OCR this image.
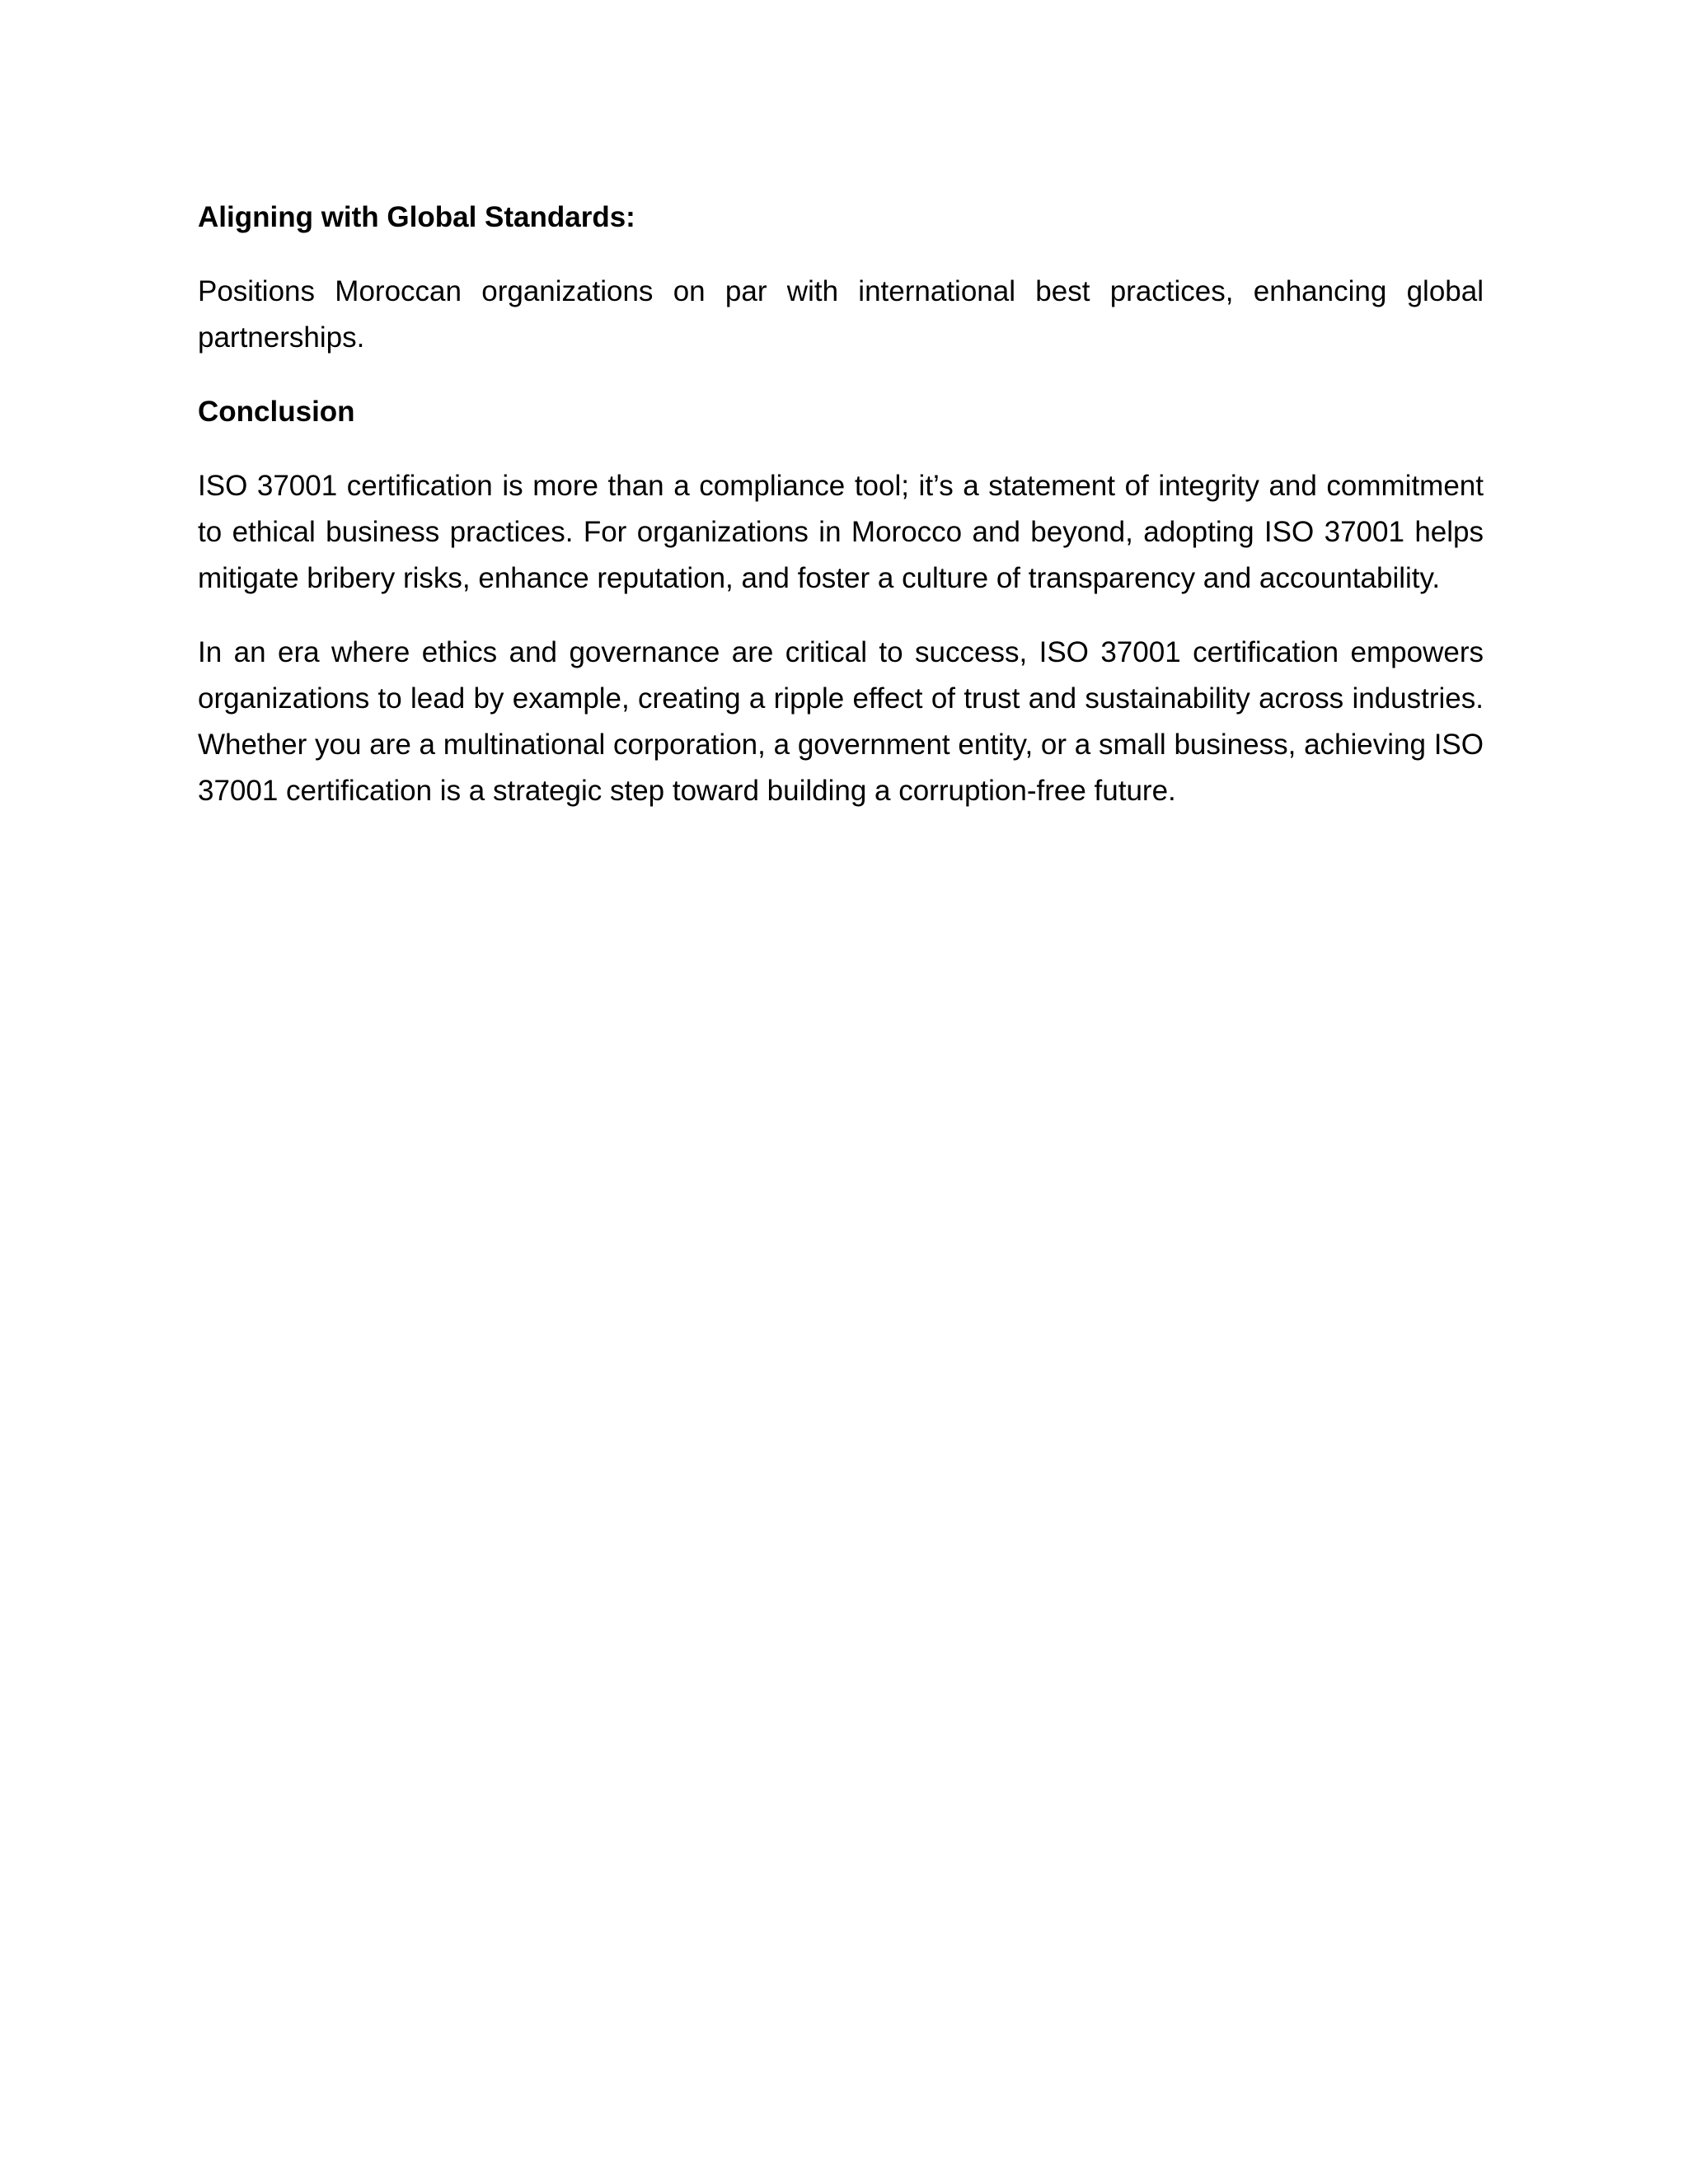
Aligning with Global Standards:

Positions Moroccan organizations on par with international best practices, enhancing global partnerships.

Conclusion

ISO 37001 certification is more than a compliance tool; it’s a statement of integrity and commitment to ethical business practices. For organizations in Morocco and beyond, adopting ISO 37001 helps mitigate bribery risks, enhance reputation, and foster a culture of transparency and accountability.

In an era where ethics and governance are critical to success, ISO 37001 certification empowers organizations to lead by example, creating a ripple effect of trust and sustainability across industries. Whether you are a multinational corporation, a government entity, or a small business, achieving ISO 37001 certification is a strategic step toward building a corruption-free future.
